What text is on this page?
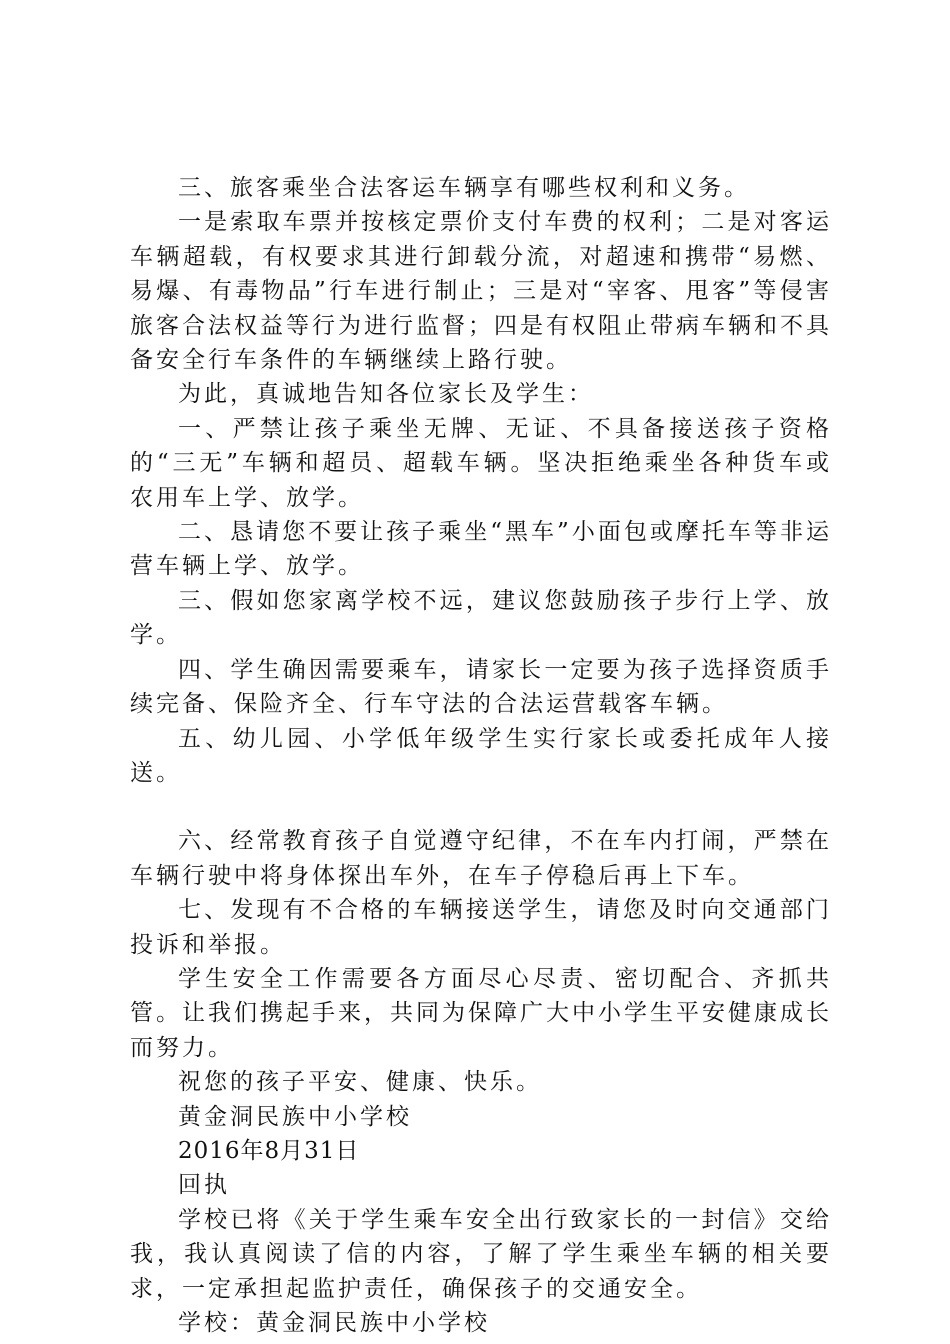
三、旅客乘坐合法客运车辆享有哪些权利和义务。

一是索取车票并按核定票价支付车费的权利；二是对客运车辆超载，有权要求其进行卸载分流，对超速和携带“易燃、易爆、有毒物品”行车进行制止；三是对“宰客、甩客”等侵害旅客合法权益等行为进行监督；四是有权阻止带病车辆和不具备安全行车条件的车辆继续上路行驶。

为此，真诚地告知各位家长及学生：

一、严禁让孩子乘坐无牌、无证、不具备接送孩子资格的“三无”车辆和超员、超载车辆。坚决拒绝乘坐各种货车或农用车上学、放学。

二、恳请您不要让孩子乘坐“黑车”小面包或摩托车等非运营车辆上学、放学。

三、假如您家离学校不远，建议您鼓励孩子步行上学、放学。

四、学生确因需要乘车，请家长一定要为孩子选择资质手续完备、保险齐全、行车守法的合法运营载客车辆。

五、幼儿园、小学低年级学生实行家长或委托成年人接送。

六、经常教育孩子自觉遵守纪律，不在车内打闹，严禁在车辆行驶中将身体探出车外，在车子停稳后再上下车。

七、发现有不合格的车辆接送学生，请您及时向交通部门投诉和举报。

学生安全工作需要各方面尽心尽责、密切配合、齐抓共管。让我们携起手来，共同为保障广大中小学生平安健康成长而努力。

祝您的孩子平安、健康、快乐。

黄金洞民族中小学校

2016年8月31日

回执

学校已将《关于学生乘车安全出行致家长的一封信》交给我，我认真阅读了信的内容，了解了学生乘坐车辆的相关要求，一定承担起监护责任，确保孩子的交通安全。

学校：黄金洞民族中小学校
